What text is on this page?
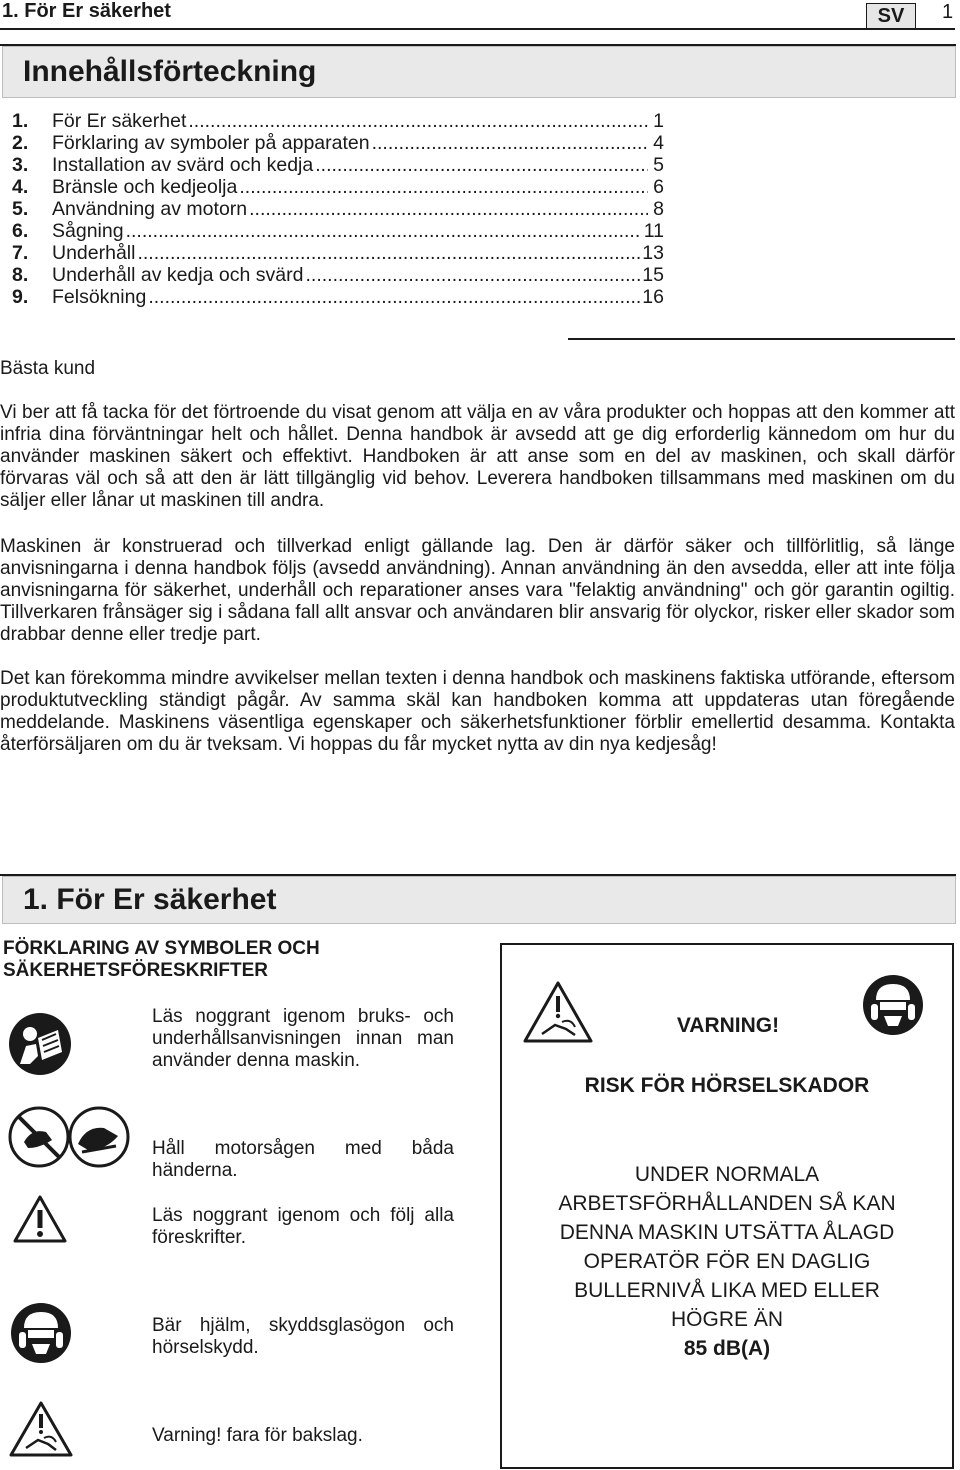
1. För Er säkerhet	SV	1
Innehållsförteckning
1.	För Er säkerhet .....	1
2.	Förklaring av symboler på apparaten .....	4
3.	Installation av svärd och kedja .....	5
4.	Bränsle och kedjeolja .....	6
5.	Användning av motorn .....	8
6.	Sågning .....	11
7.	Underhåll .....	13
8.	Underhåll av kedja och svärd .....	15
9.	Felsökning .....	16
Bästa kund
Vi ber att få tacka för det förtroende du visat genom att välja en av våra produkter och hoppas att den kommer att infria dina förväntningar helt och hållet. Denna handbok är avsedd att ge dig erforderlig kännedom om hur du använder maskinen säkert och effektivt. Handboken är att anse som en del av maskinen, och skall därför förvaras väl och så att den är lätt tillgänglig vid behov. Leverera handboken tillsammans med maskinen om du säljer eller lånar ut maskinen till andra.
Maskinen är konstruerad och tillverkad enligt gällande lag. Den är därför säker och tillförlitlig, så länge anvisningarna i denna handbok följs (avsedd användning). Annan användning än den avsedda, eller att inte följa anvisningarna för säkerhet, underhåll och reparationer anses vara "felaktig användning" och gör garantin ogiltig. Tillverkaren frånsäger sig i sådana fall allt ansvar och användaren blir ansvarig för olyckor, risker eller skador som drabbar denne eller tredje part.
Det kan förekomma mindre avvikelser mellan texten i denna handbok och maskinens faktiska utförande, eftersom produktutveckling ständigt pågår. Av samma skäl kan handboken komma att uppdateras utan föregående meddelande. Maskinens väsentliga egenskaper och säkerhetsfunktioner förblir emellertid desamma. Kontakta återförsäljaren om du är tveksam. Vi hoppas du får mycket nytta av din nya kedjesåg!
1. För Er säkerhet
FÖRKLARING AV SYMBOLER OCH SÄKERHETSFÖRESKRIFTER
Läs noggrant igenom bruks- och underhållsanvisningen innan man använder denna maskin.
Håll motorsågen med båda händerna.
Läs noggrant igenom och följ alla föreskrifter.
Bär hjälm, skyddsglasögon och hörselskydd.
Varning! fara för bakslag.
VARNING!
RISK FÖR HÖRSELSKADOR
UNDER NORMALA
ARBETSFÖRHÅLLANDEN SÅ KAN
DENNA MASKIN UTSÄTTA ÅLAGD
OPERATÖR FÖR EN DAGLIG
BULLERNIVÅ LIKA MED ELLER
HÖGRE ÄN
85 dB(A)
